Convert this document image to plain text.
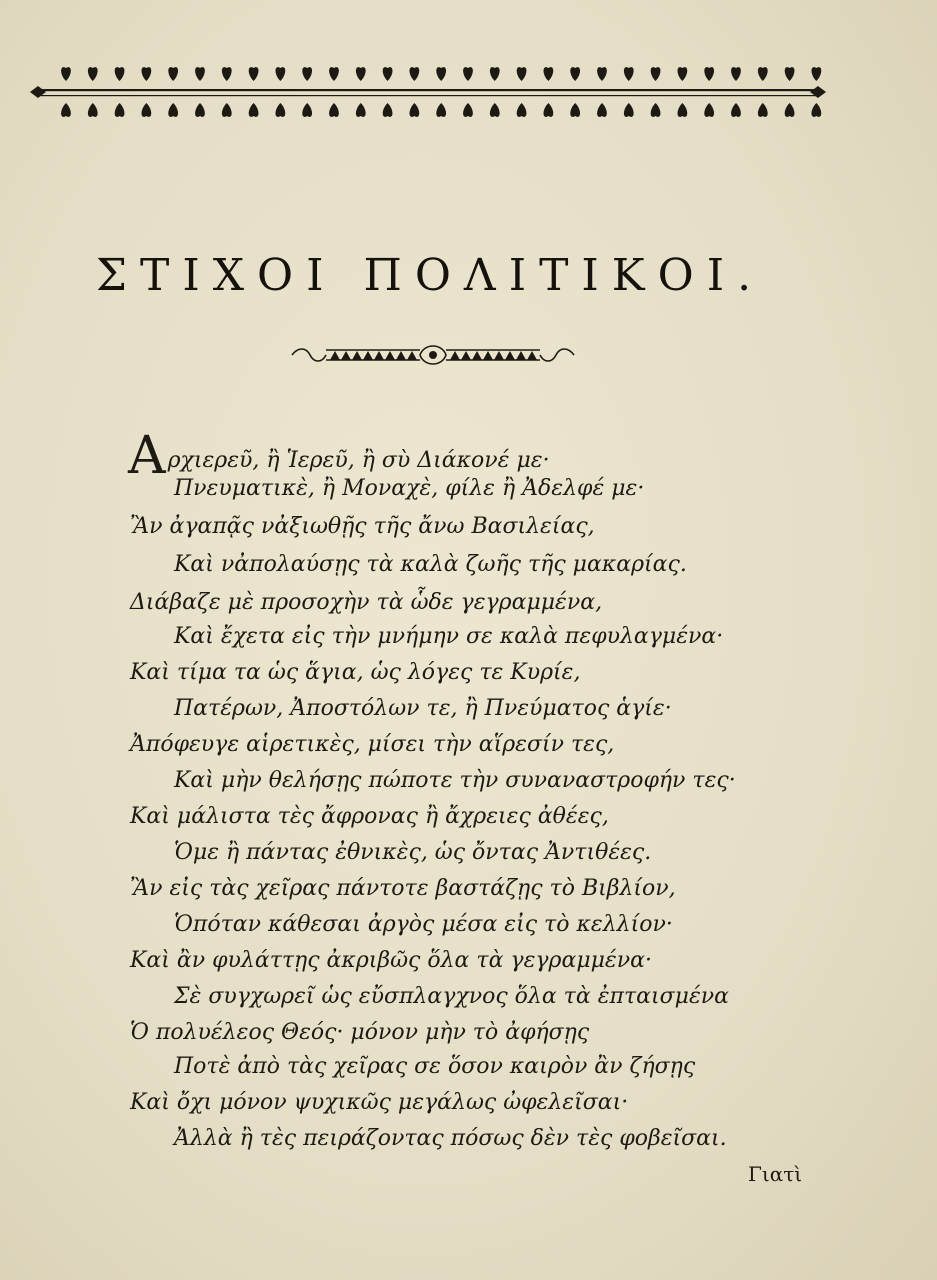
ΣΤΙΧΟΙ ΠΟΛΙΤΙΚΟΙ.
Αρχιερεῦ, ἢ Ἱερεῦ, ἢ σὺ Διάκονέ με·
Πνευματικὲ, ἢ Μοναχὲ, φίλε ἢ Ἀδελφέ με·
Ἂν ἀγαπᾷς νἀξιωθῇς τῆς ἄνω Βασιλείας,
Καὶ νἀπολαύσῃς τὰ καλὰ ζωῆς τῆς μακαρίας.
Διάβαζε μὲ προσοχὴν τὰ ὧδε γεγραμμένα,
Καὶ ἔχετα εἰς τὴν μνήμην σε καλὰ πεφυλαγμένα·
Καὶ τίμα τα ὡς ἅγια, ὡς λόγες τε Κυρίε,
Πατέρων, Ἀποστόλων τε, ἢ Πνεύματος ἁγίε·
Ἀπόφευγε αἱρετικὲς, μίσει τὴν αἵρεσίν τες,
Καὶ μὴν θελήσῃς πώποτε τὴν συναναστροφήν τες·
Καὶ μάλιστα τὲς ἄφρονας ἢ ἄχρειες ἀθέες,
Ὁμε ἢ πάντας ἐθνικὲς, ὡς ὄντας Ἀντιθέες.
Ἂν εἰς τὰς χεῖρας πάντοτε βαστάζῃς τὸ Βιβλίον,
Ὁπόταν κάθεσαι ἀργὸς μέσα εἰς τὸ κελλίον·
Καὶ ἂν φυλάττῃς ἀκριβῶς ὅλα τὰ γεγραμμένα·
Σὲ συγχωρεῖ ὡς εὔσπλαγχνος ὅλα τὰ ἐπταισμένα
Ὁ πολυέλεος Θεός· μόνον μὴν τὸ ἀφήσῃς
Ποτὲ ἀπὸ τὰς χεῖρας σε ὅσον καιρὸν ἂν ζήσῃς
Καὶ ὄχι μόνον ψυχικῶς μεγάλως ὠφελεῖσαι·
Ἀλλὰ ἢ τὲς πειράζοντας πόσως δὲν τὲς φοβεῖσαι.
Γιατὶ
